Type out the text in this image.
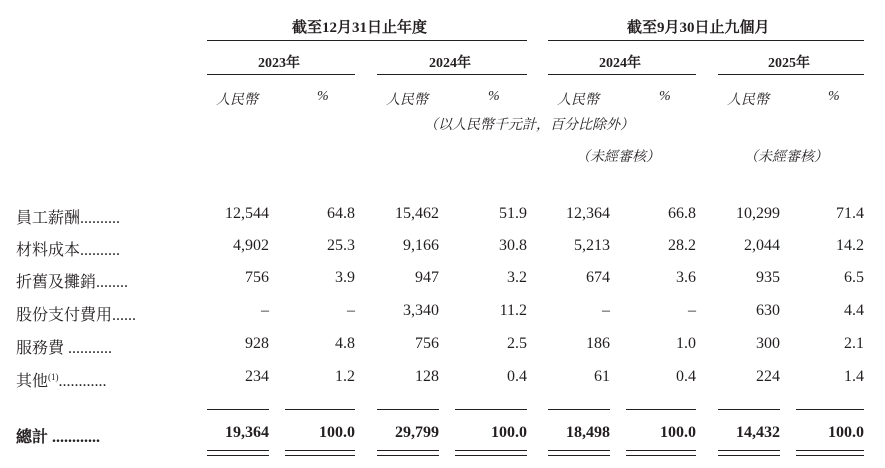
截至12月31日止年度	截至9月30日止九個月
2023年	2024年	2024年	2025年
人民幣	%	人民幣	%	人民幣	%	人民幣	%
（以人民幣千元計，百分比除外）
（未經審核）	（未經審核）
員工薪酬..........	12,544	64.8	15,462	51.9	12,364	66.8	10,299	71.4
材料成本..........	4,902	25.3	9,166	30.8	5,213	28.2	2,044	14.2
折舊及攤銷........	756	3.9	947	3.2	674	3.6	935	6.5
股份支付費用......	–	–	3,340	11.2	–	–	630	4.4
服務費 ...........	928	4.8	756	2.5	186	1.0	300	2.1
其他$^{(1)}$............	234	1.2	128	0.4	61	0.4	224	1.4
總計 ............	19,364	100.0	29,799	100.0	18,498	100.0	14,432	100.0
